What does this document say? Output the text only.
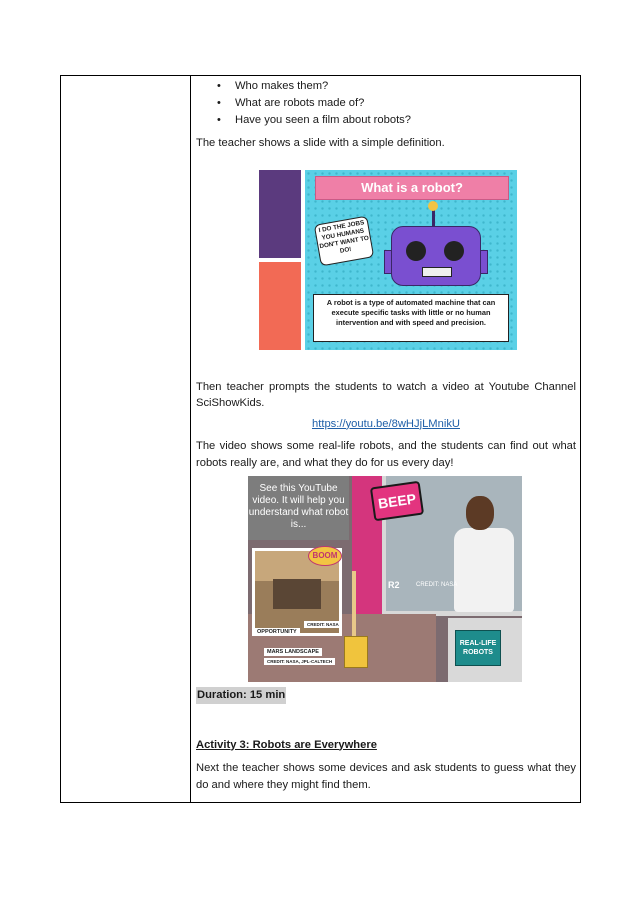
• Who makes them?
• What are robots made of?
• Have you seen a film about robots?

The teacher shows a slide with a simple definition.

Then teacher prompts the students to watch a video at Youtube Channel SciShowKids.

https://youtu.be/8wHJjLMnikU

The video shows some real-life robots, and the students can find out what robots really are, and what they do for us every day!

Duration: 15 min

Activity 3: Robots are Everywhere

Next the teacher shows some devices and ask students to guess what they do and where they might find them.

What is a robot?
I DO THE JOBS YOU HUMANS DON'T WANT TO DO!
A robot is a type of automated machine that can execute specific tasks with little or no human intervention and with speed and precision.
BEEP
R2	CREDIT: NASA
See this YouTube video. It will help you understand what robot is...
BOOM
OPPORTUNITY
CREDIT: NASA
MARS LANDSCAPE
CREDIT: NASA, JPL-CALTECH
REAL-LIFE ROBOTS
